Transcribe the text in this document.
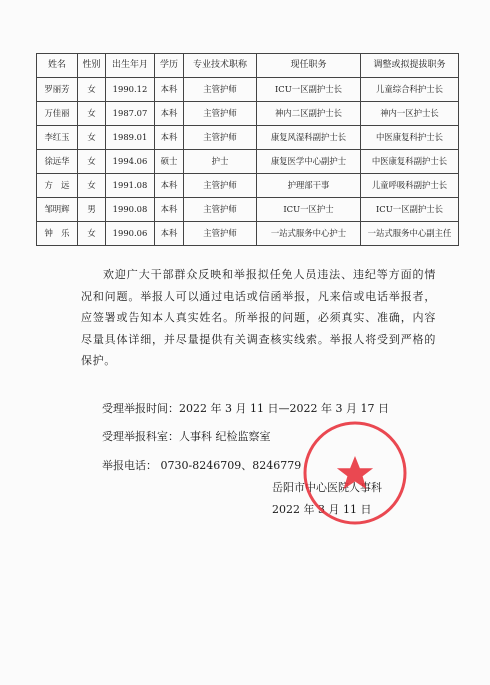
姓名	性别	出生年月	学历	专业技术职称	现任职务	调整或拟提拔职务
罗丽芳	女	1990.12	本科	主管护师	ICU一区副护士长	儿童综合科护士长
万佳丽	女	1987.07	本科	主管护师	神内二区副护士长	神内一区护士长
李红玉	女	1989.01	本科	主管护师	康复风湿科副护士长	中医康复科护士长
徐远华	女	1994.06	硕士	护士	康复医学中心副护士	中医康复科副护士长
方　远	女	1991.08	本科	主管护师	护理部干事	儿童呼吸科副护士长
邹明辉	男	1990.08	本科	主管护师	ICU一区护士	ICU一区副护士长
钟　乐	女	1990.06	本科	主管护师	一站式服务中心护士	一站式服务中心副主任
欢迎广大干部群众反映和举报拟任免人员违法、违纪等方面的情况和问题。举报人可以通过电话或信函举报，凡来信或电话举报者，应签署或告知本人真实姓名。所举报的问题，必须真实、准确，内容尽量具体详细，并尽量提供有关调查核实线索。举报人将受到严格的保护。
受理举报时间：2022 年 3 月 11 日—2022 年 3 月 17 日
受理举报科室：人事科 纪检监察室
举报电话： 0730-8246709、8246779
岳阳市中心医院人事科
2022 年 3 月 11 日
